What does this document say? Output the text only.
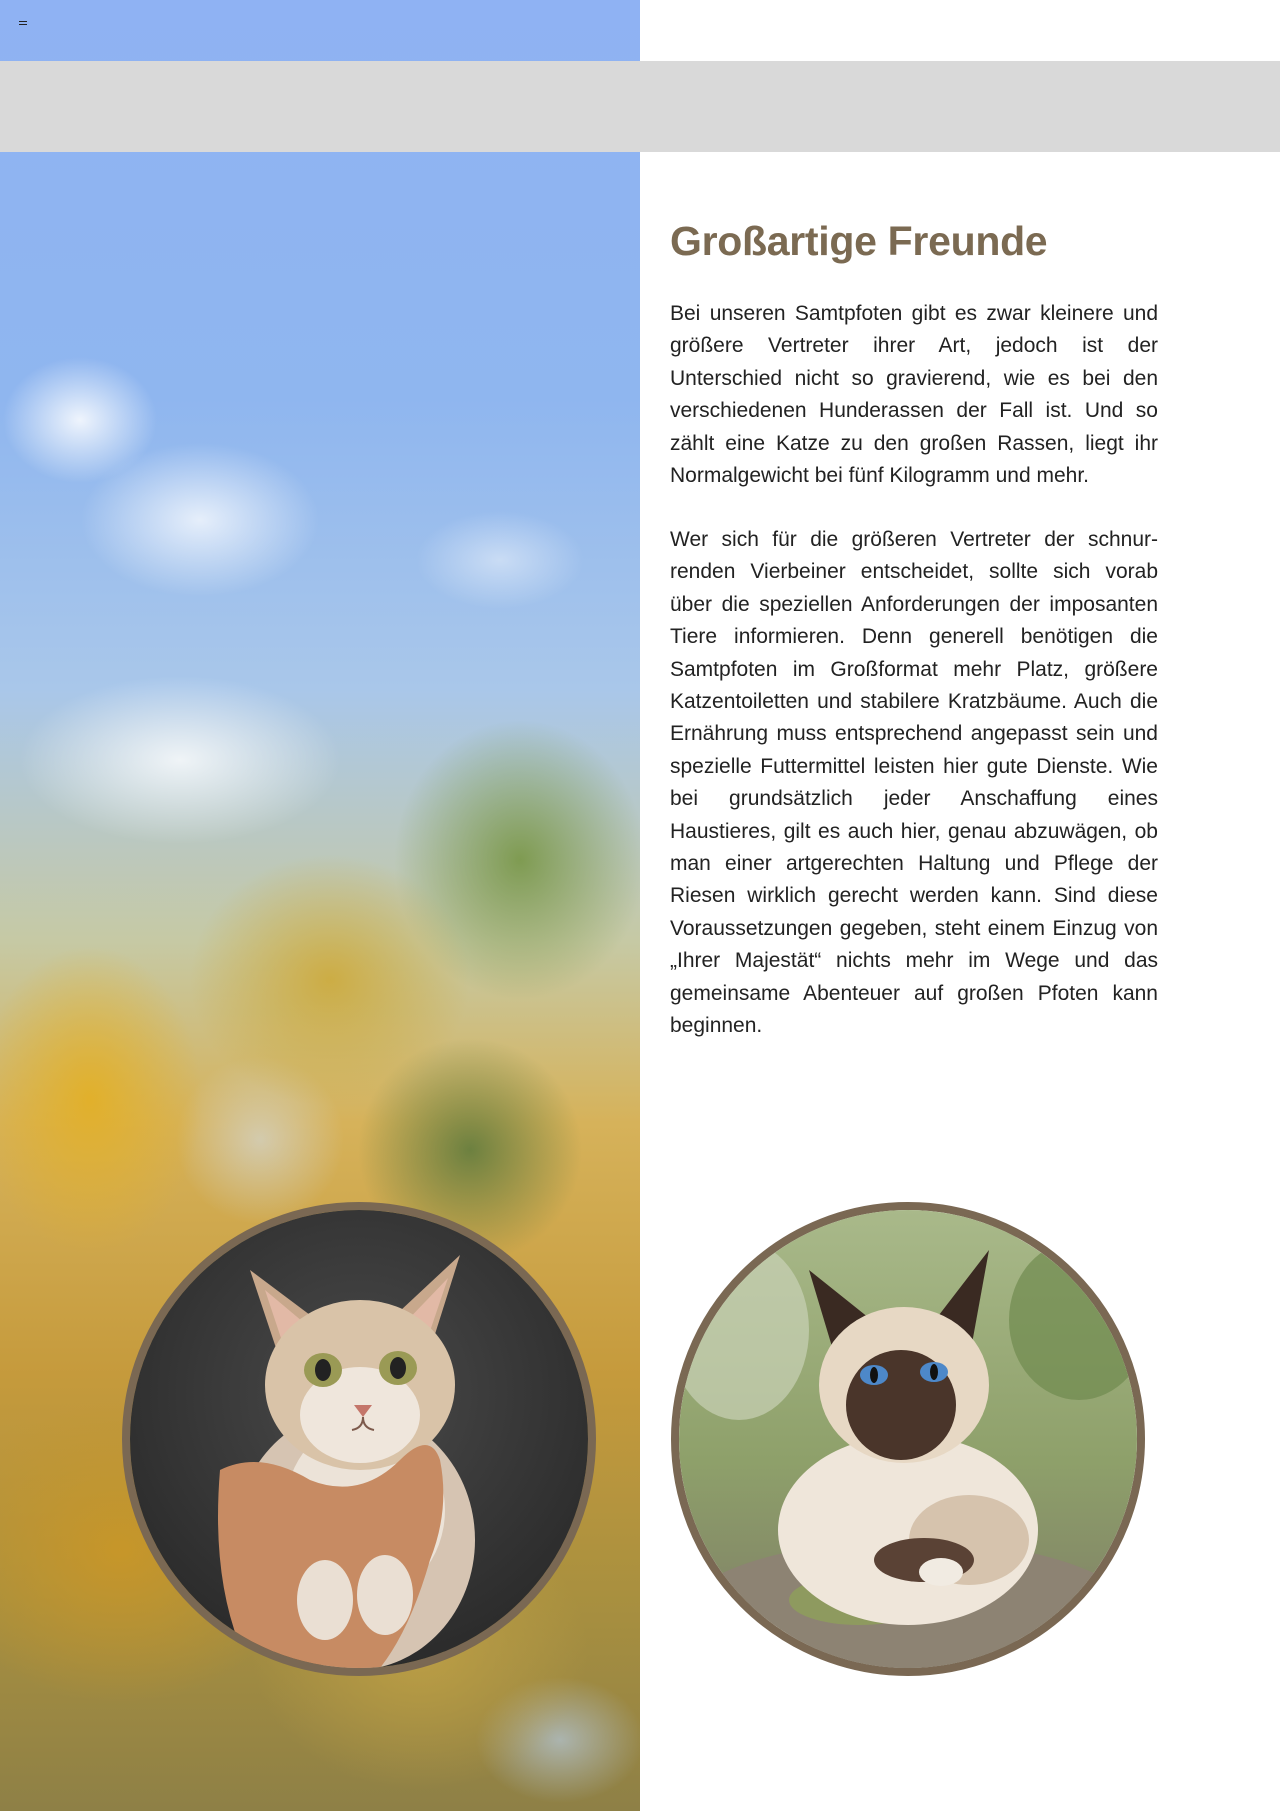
Großartige Freunde

Bei unseren Samtpfoten gibt es zwar kleinere und größere Vertreter ihrer Art, jedoch ist der Unterschied nicht so gravierend, wie es bei den verschiedenen Hunderassen der Fall ist. Und so zählt eine Katze zu den großen Rassen, liegt ihr Normalgewicht bei fünf Kilogramm und mehr.

Wer sich für die größeren Vertreter der schnurrenden Vierbeiner entscheidet, sollte sich vorab über die speziellen Anforderungen der imposanten Tiere informieren. Denn generell benötigen die Samtpfoten im Großformat mehr Platz, größere Katzentoiletten und stabilere Kratzbäume. Auch die Ernährung muss entsprechend angepasst sein und spezielle Futtermittel leisten hier gute Dienste. Wie bei grundsätzlich jeder Anschaffung eines Haustieres, gilt es auch hier, genau abzuwägen, ob man einer artgerechten Haltung und Pflege der Riesen wirklich gerecht werden kann. Sind diese Voraussetzungen gegeben, steht einem Einzug von „Ihrer Majestät“ nichts mehr im Wege und das gemeinsame Abenteuer auf großen Pfoten kann beginnen.
